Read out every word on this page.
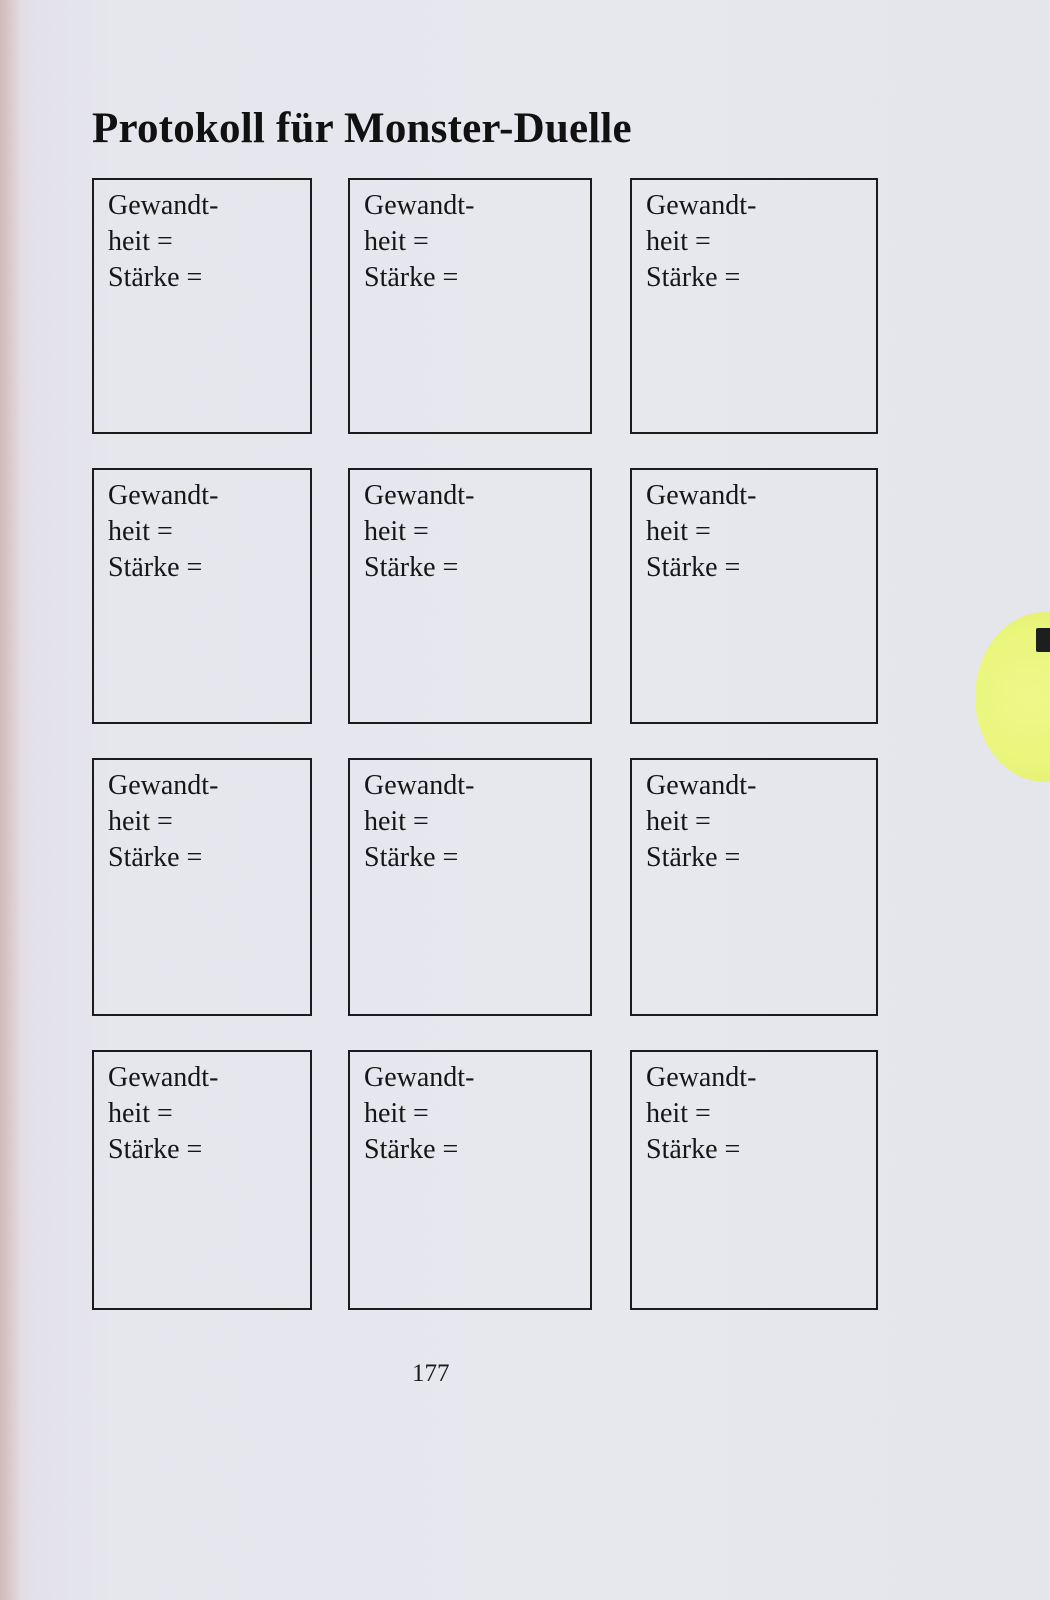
Protokoll für Monster-Duelle
Gewandt-
heit =
Stärke =
Gewandt-
heit =
Stärke =
Gewandt-
heit =
Stärke =
Gewandt-
heit =
Stärke =
Gewandt-
heit =
Stärke =
Gewandt-
heit =
Stärke =
Gewandt-
heit =
Stärke =
Gewandt-
heit =
Stärke =
Gewandt-
heit =
Stärke =
Gewandt-
heit =
Stärke =
Gewandt-
heit =
Stärke =
Gewandt-
heit =
Stärke =
177
